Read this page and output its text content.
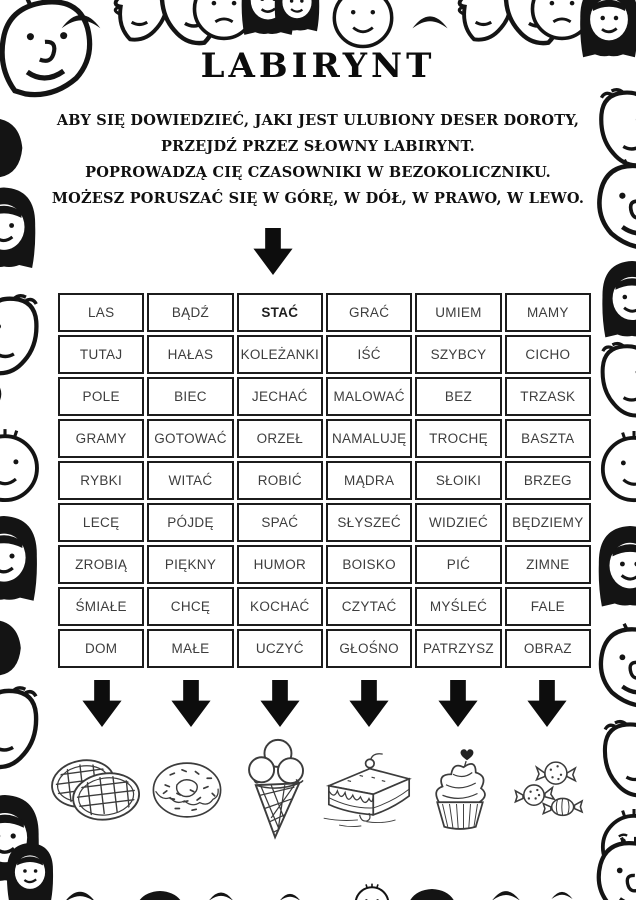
LABIRYNT

ABY SIĘ DOWIEDZIEĆ, JAKI JEST ULUBIONY DESER DOROTY,

PRZEJDŹ PRZEZ SŁOWNY LABIRYNT.

POPROWADZĄ CIĘ CZASOWNIKI W BEZOKOLICZNIKU.

MOŻESZ PORUSZAĆ SIĘ W GÓRĘ, W DÓŁ, W PRAWO, W LEWO.

LAS	BĄDŹ	STAĆ	GRAĆ	UMIEM	MAMY
TUTAJ	HAŁAS	KOLEŻANKI	IŚĆ	SZYBCY	CICHO
POLE	BIEC	JECHAĆ	MALOWAĆ	BEZ	TRZASK
GRAMY	GOTOWAĆ	ORZEŁ	NAMALUJĘ	TROCHĘ	BASZTA
RYBKI	WITAĆ	ROBIĆ	MĄDRA	SŁOIKI	BRZEG
LECĘ	PÓJDĘ	SPAĆ	SŁYSZEĆ	WIDZIEĆ	BĘDZIEMY
ZROBIĄ	PIĘKNY	HUMOR	BOISKO	PIĆ	ZIMNE
ŚMIAŁE	CHCĘ	KOCHAĆ	CZYTAĆ	MYŚLEĆ	FALE
DOM	MAŁE	UCZYĆ	GŁOŚNO	PATRZYSZ	OBRAZ
